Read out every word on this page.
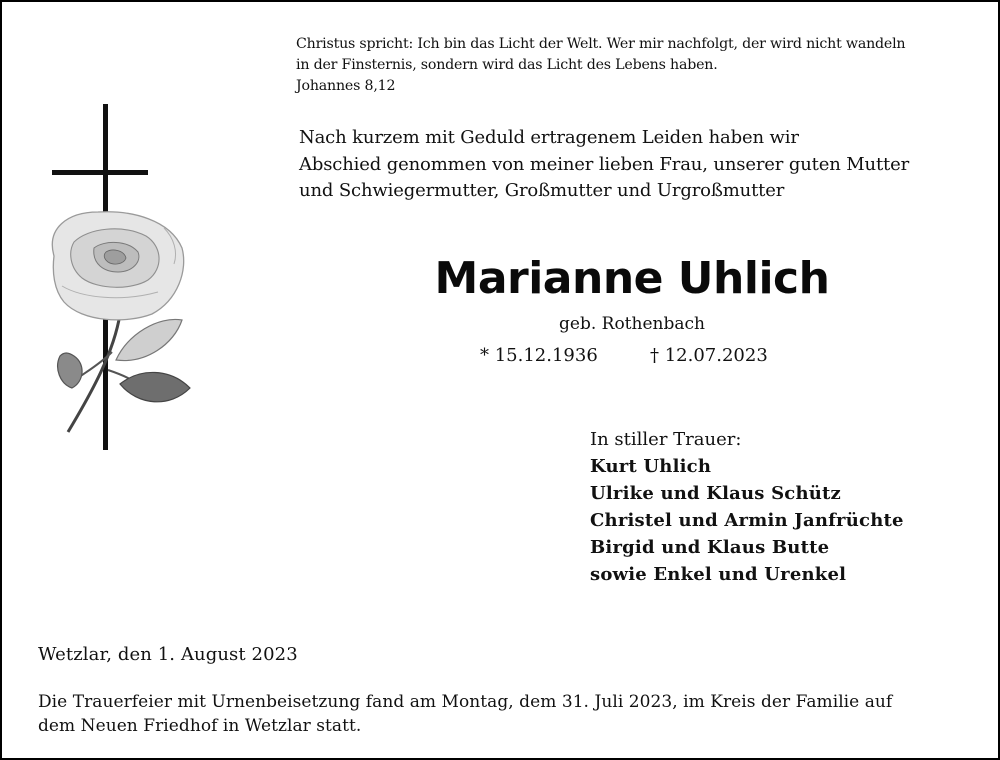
Christus spricht: Ich bin das Licht der Welt. Wer mir nachfolgt, der wird nicht wandeln
in der Finsternis, sondern wird das Licht des Lebens haben.
Johannes 8,12
Nach kurzem mit Geduld ertragenem Leiden haben wir
Abschied genommen von meiner lieben Frau, unserer guten Mutter
und Schwiegermutter, Großmutter und Urgroßmutter
Marianne Uhlich
geb. Rothenbach
* 15.12.1936	† 12.07.2023
In stiller Trauer:
Kurt Uhlich
Ulrike und Klaus Schütz
Christel und Armin Janfrüchte
Birgid und Klaus Butte
sowie Enkel und Urenkel
Wetzlar, den 1. August 2023
Die Trauerfeier mit Urnenbeisetzung fand am Montag, dem 31. Juli 2023, im Kreis der Familie auf
dem Neuen Friedhof in Wetzlar statt.
